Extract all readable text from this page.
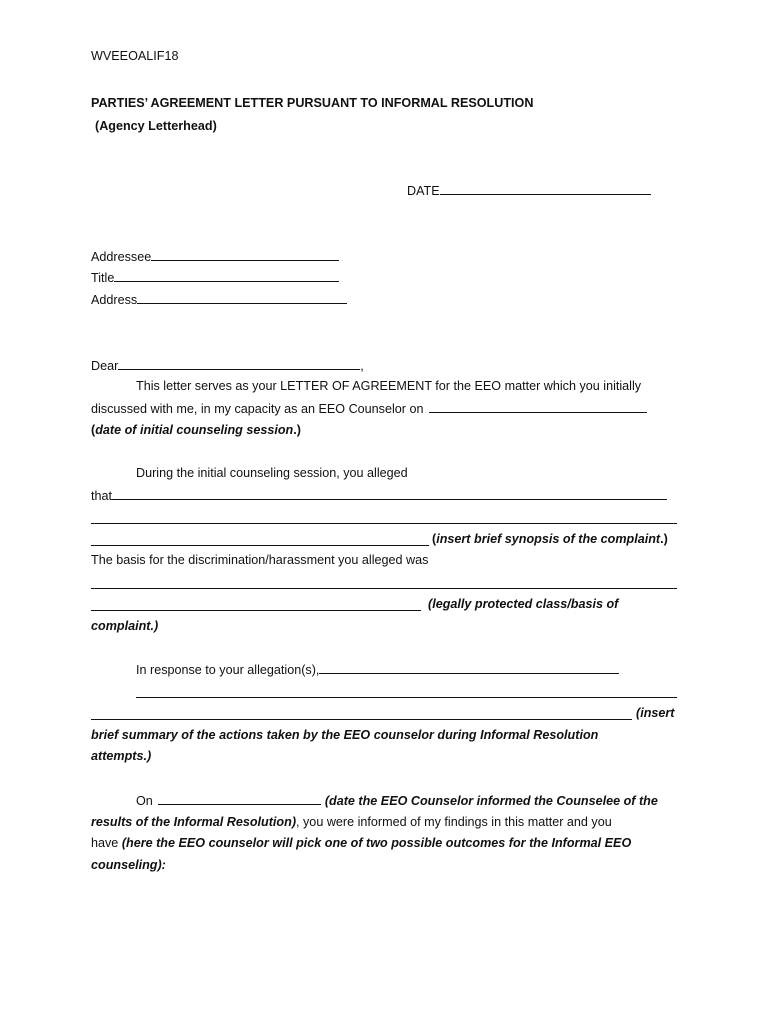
WVEEOALIF18
PARTIES’ AGREEMENT LETTER PURSUANT TO INFORMAL RESOLUTION
(Agency Letterhead)
DATE
Addressee
Title
Address
Dear	,
This letter serves as your LETTER OF AGREEMENT for the EEO matter which you initially
discussed with me, in my capacity as an EEO Counselor on
(date of initial counseling session.)
During the initial counseling session, you alleged
that
(insert brief synopsis of the complaint.)
The basis for the discrimination/harassment you alleged was
(legally protected class/basis of
complaint.)
In response to your allegation(s),
(insert
brief summary of the actions taken by the EEO counselor during Informal Resolution
attempts.)
On	(date the EEO Counselor informed the Counselee of the
results of the Informal Resolution), you were informed of my findings in this matter and you
have (here the EEO counselor will pick one of two possible outcomes for the Informal EEO
counseling):
